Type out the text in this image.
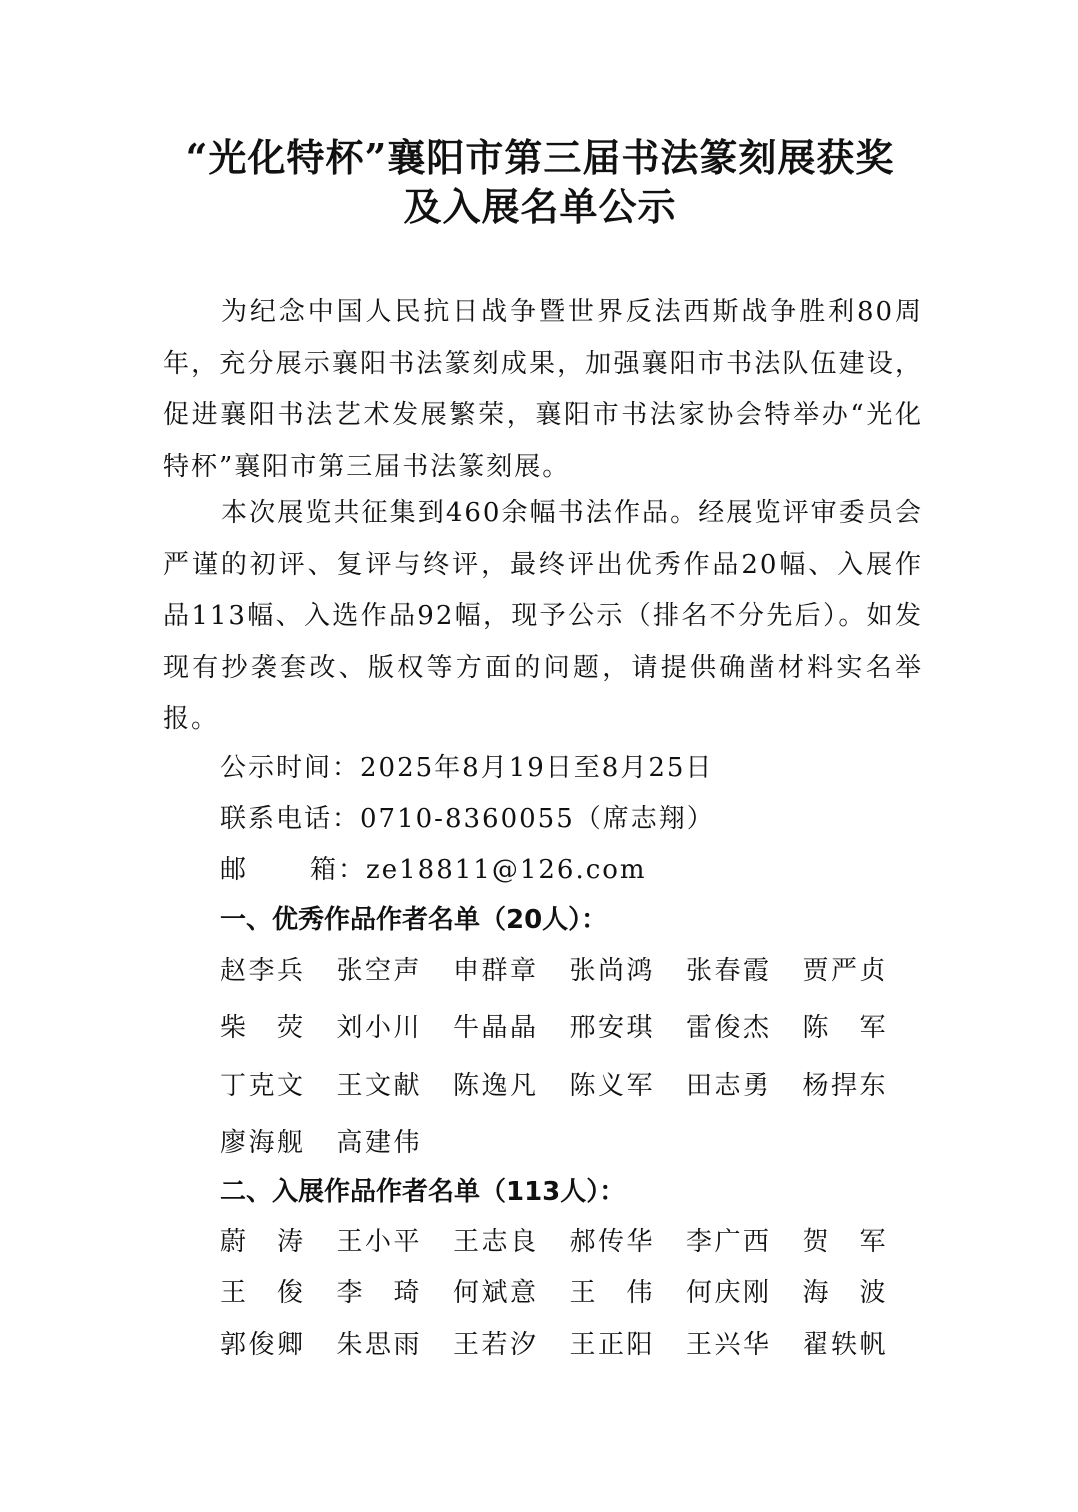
“光化特杯”襄阳市第三届书法篆刻展获奖
及入展名单公示

为纪念中国人民抗日战争暨世界反法西斯战争胜利80周年，充分展示襄阳书法篆刻成果，加强襄阳市书法队伍建设，促进襄阳书法艺术发展繁荣，襄阳市书法家协会特举办“光化特杯”襄阳市第三届书法篆刻展。

本次展览共征集到460余幅书法作品。经展览评审委员会严谨的初评、复评与终评，最终评出优秀作品20幅、入展作品113幅、入选作品92幅，现予公示（排名不分先后）。如发现有抄袭套改、版权等方面的问题，请提供确凿材料实名举报。

公示时间：2025年8月19日至8月25日

联系电话：0710-8360055（席志翔）

邮 箱：ze18811@126.com

一、优秀作品作者名单（20人）：

赵 李 兵 张 空 声 申 群 章 张 尚 鸿 张 春 霞 贾 严 贞
柴 荧 刘 小 川 牛 晶 晶 邢 安 琪 雷 俊 杰 陈 军
丁 克 文 王 文 献 陈 逸 凡 陈 义 军 田 志 勇 杨 捍 东
廖 海 舰 高 建 伟

二、入展作品作者名单（113人）：

蔚 涛 王 小 平 王 志 良 郝 传 华 李 广 西 贺 军
王 俊 李 琦 何 斌 意 王 伟 何 庆 刚 海 波
郭 俊 卿 朱 思 雨 王 若 汐 王 正 阳 王 兴 华 翟 轶 帆
